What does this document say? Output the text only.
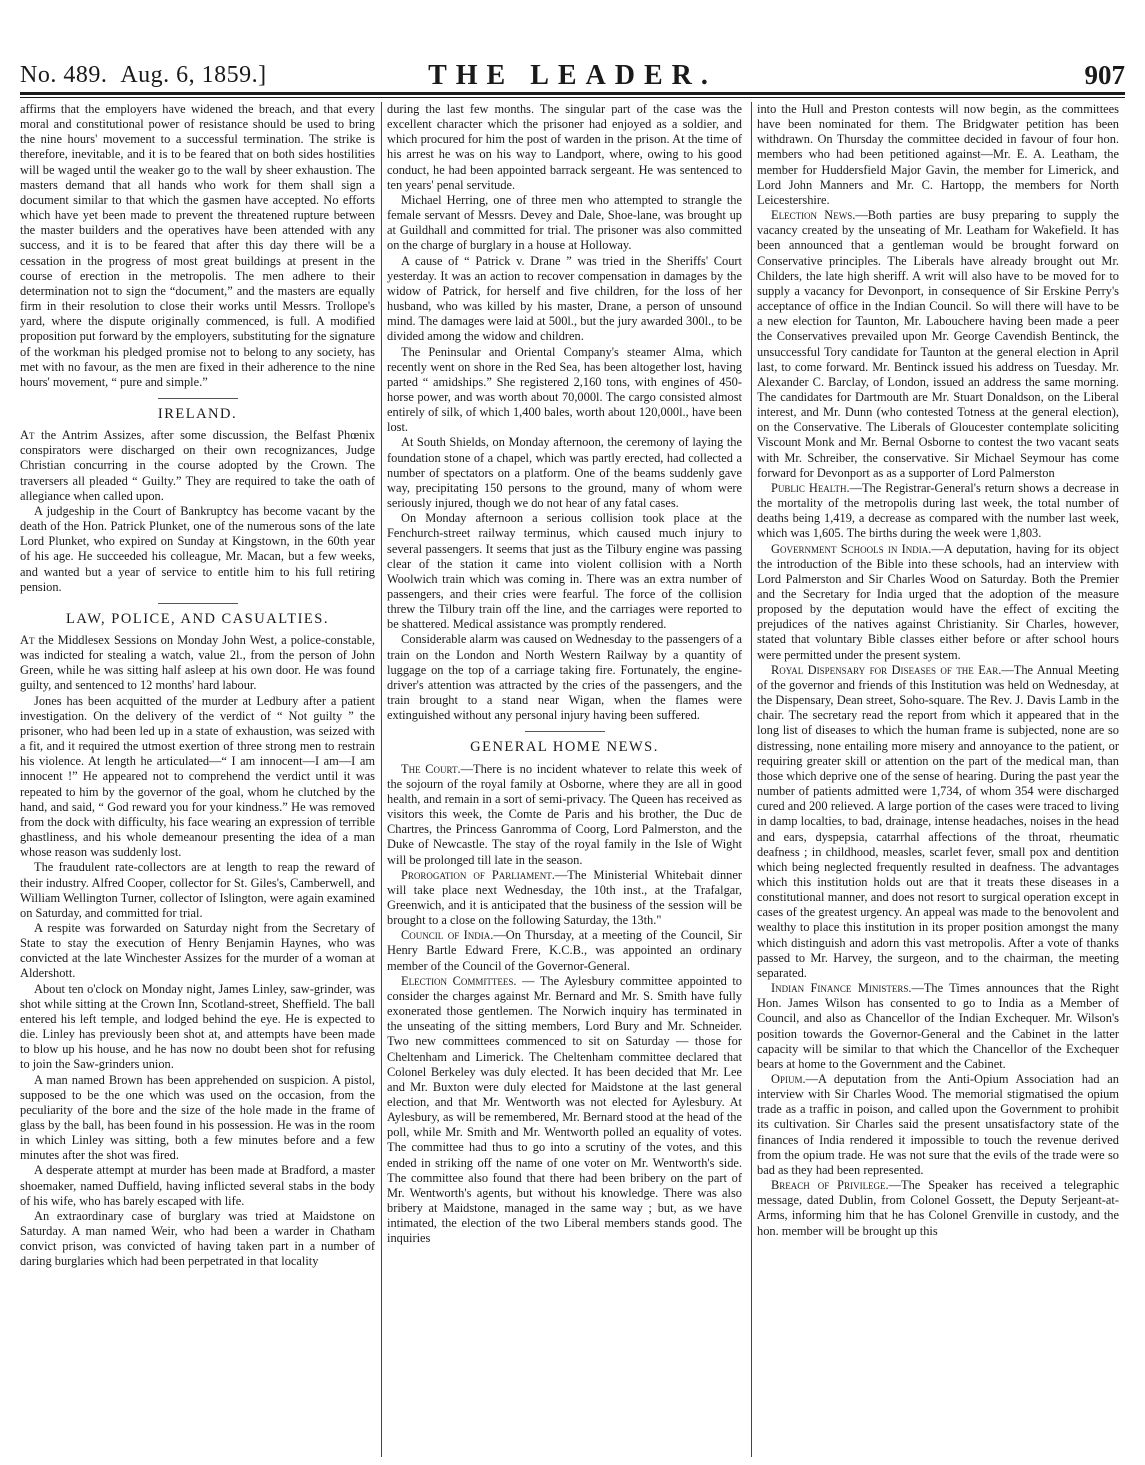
No. 489. Aug. 6, 1859.]	THE LEADER.	907

affirms that the employers have widened the breach, and that every moral and constitutional power of resistance should be used to bring the nine hours' movement to a successful termination. The strike is therefore, inevitable, and it is to be feared that on both sides hostilities will be waged until the weaker go to the wall by sheer exhaustion. The masters demand that all hands who work for them shall sign a document similar to that which the gasmen have accepted. No efforts which have yet been made to prevent the threatened rupture between the master builders and the operatives have been attended with any success, and it is to be feared that after this day there will be a cessation in the progress of most great buildings at present in the course of erection in the metropolis. The men adhere to their determination not to sign the “document,” and the masters are equally firm in their resolution to close their works until Messrs. Trollope's yard, where the dispute originally commenced, is full. A modified proposition put forward by the employers, substituting for the signature of the workman his pledged promise not to belong to any society, has met with no favour, as the men are fixed in their adherence to the nine hours' movement, “ pure and simple.”

IRELAND.

At the Antrim Assizes, after some discussion, the Belfast Phœnix conspirators were discharged on their own recognizances, Judge Christian concurring in the course adopted by the Crown. The traversers all pleaded “ Guilty.” They are required to take the oath of allegiance when called upon.

A judgeship in the Court of Bankruptcy has become vacant by the death of the Hon. Patrick Plunket, one of the numerous sons of the late Lord Plunket, who expired on Sunday at Kingstown, in the 60th year of his age. He succeeded his colleague, Mr. Macan, but a few weeks, and wanted but a year of service to entitle him to his full retiring pension.

LAW, POLICE, AND CASUALTIES.

At the Middlesex Sessions on Monday John West, a police-constable, was indicted for stealing a watch, value 2l., from the person of John Green, while he was sitting half asleep at his own door. He was found guilty, and sentenced to 12 months' hard labour.

Jones has been acquitted of the murder at Ledbury after a patient investigation. On the delivery of the verdict of “ Not guilty ” the prisoner, who had been led up in a state of exhaustion, was seized with a fit, and it required the utmost exertion of three strong men to restrain his violence. At length he articulated—“ I am innocent—I am—I am innocent !” He appeared not to comprehend the verdict until it was repeated to him by the governor of the goal, whom he clutched by the hand, and said, “ God reward you for your kindness.” He was removed from the dock with difficulty, his face wearing an expression of terrible ghastliness, and his whole demeanour presenting the idea of a man whose reason was suddenly lost.

The fraudulent rate-collectors are at length to reap the reward of their industry. Alfred Cooper, collector for St. Giles's, Camberwell, and William Wellington Turner, collector of Islington, were again examined on Saturday, and committed for trial.

A respite was forwarded on Saturday night from the Secretary of State to stay the execution of Henry Benjamin Haynes, who was convicted at the late Winchester Assizes for the murder of a woman at Aldershott.

About ten o'clock on Monday night, James Linley, saw-grinder, was shot while sitting at the Crown Inn, Scotland-street, Sheffield. The ball entered his left temple, and lodged behind the eye. He is expected to die. Linley has previously been shot at, and attempts have been made to blow up his house, and he has now no doubt been shot for refusing to join the Saw-grinders union.

A man named Brown has been apprehended on suspicion. A pistol, supposed to be the one which was used on the occasion, from the peculiarity of the bore and the size of the hole made in the frame of glass by the ball, has been found in his possession. He was in the room in which Linley was sitting, both a few minutes before and a few minutes after the shot was fired.

A desperate attempt at murder has been made at Bradford, a master shoemaker, named Duffield, having inflicted several stabs in the body of his wife, who has barely escaped with life.

An extraordinary case of burglary was tried at Maidstone on Saturday. A man named Weir, who had been a warder in Chatham convict prison, was convicted of having taken part in a number of daring burglaries which had been perpetrated in that locality

during the last few months. The singular part of the case was the excellent character which the prisoner had enjoyed as a soldier, and which procured for him the post of warden in the prison. At the time of his arrest he was on his way to Landport, where, owing to his good conduct, he had been appointed barrack sergeant. He was sentenced to ten years' penal servitude.

Michael Herring, one of three men who attempted to strangle the female servant of Messrs. Devey and Dale, Shoe-lane, was brought up at Guildhall and committed for trial. The prisoner was also committed on the charge of burglary in a house at Holloway.

A cause of “ Patrick v. Drane ” was tried in the Sheriffs' Court yesterday. It was an action to recover compensation in damages by the widow of Patrick, for herself and five children, for the loss of her husband, who was killed by his master, Drane, a person of unsound mind. The damages were laid at 500l., but the jury awarded 300l., to be divided among the widow and children.

The Peninsular and Oriental Company's steamer Alma, which recently went on shore in the Red Sea, has been altogether lost, having parted “ amidships.” She registered 2,160 tons, with engines of 450-horse power, and was worth about 70,000l. The cargo consisted almost entirely of silk, of which 1,400 bales, worth about 120,000l., have been lost.

At South Shields, on Monday afternoon, the ceremony of laying the foundation stone of a chapel, which was partly erected, had collected a number of spectators on a platform. One of the beams suddenly gave way, precipitating 150 persons to the ground, many of whom were seriously injured, though we do not hear of any fatal cases.

On Monday afternoon a serious collision took place at the Fenchurch-street railway terminus, which caused much injury to several passengers. It seems that just as the Tilbury engine was passing clear of the station it came into violent collision with a North Woolwich train which was coming in. There was an extra number of passengers, and their cries were fearful. The force of the collision threw the Tilbury train off the line, and the carriages were reported to be shattered. Medical assistance was promptly rendered.

Considerable alarm was caused on Wednesday to the passengers of a train on the London and North Western Railway by a quantity of luggage on the top of a carriage taking fire. Fortunately, the engine-driver's attention was attracted by the cries of the passengers, and the train brought to a stand near Wigan, when the flames were extinguished without any personal injury having been suffered.

GENERAL HOME NEWS.

The Court.—There is no incident whatever to relate this week of the sojourn of the royal family at Osborne, where they are all in good health, and remain in a sort of semi-privacy. The Queen has received as visitors this week, the Comte de Paris and his brother, the Duc de Chartres, the Princess Ganromma of Coorg, Lord Palmerston, and the Duke of Newcastle. The stay of the royal family in the Isle of Wight will be prolonged till late in the season.

Prorogation of Parliament.—The Ministerial Whitebait dinner will take place next Wednesday, the 10th inst., at the Trafalgar, Greenwich, and it is anticipated that the business of the session will be brought to a close on the following Saturday, the 13th."

Council of India.—On Thursday, at a meeting of the Council, Sir Henry Bartle Edward Frere, K.C.B., was appointed an ordinary member of the Council of the Governor-General.

Election Committees. — The Aylesbury committee appointed to consider the charges against Mr. Bernard and Mr. S. Smith have fully exonerated those gentlemen. The Norwich inquiry has terminated in the unseating of the sitting members, Lord Bury and Mr. Schneider. Two new committees commenced to sit on Saturday — those for Cheltenham and Limerick. The Cheltenham committee declared that Colonel Berkeley was duly elected. It has been decided that Mr. Lee and Mr. Buxton were duly elected for Maidstone at the last general election, and that Mr. Wentworth was not elected for Aylesbury. At Aylesbury, as will be remembered, Mr. Bernard stood at the head of the poll, while Mr. Smith and Mr. Wentworth polled an equality of votes. The committee had thus to go into a scrutiny of the votes, and this ended in striking off the name of one voter on Mr. Wentworth's side. The committee also found that there had been bribery on the part of Mr. Wentworth's agents, but without his knowledge. There was also bribery at Maidstone, managed in the same way ; but, as we have intimated, the election of the two Liberal members stands good. The inquiries

into the Hull and Preston contests will now begin, as the committees have been nominated for them. The Bridgwater petition has been withdrawn. On Thursday the committee decided in favour of four hon. members who had been petitioned against—Mr. E. A. Leatham, the member for Huddersfield Major Gavin, the member for Limerick, and Lord John Manners and Mr. C. Hartopp, the members for North Leicestershire.

Election News.—Both parties are busy preparing to supply the vacancy created by the unseating of Mr. Leatham for Wakefield. It has been announced that a gentleman would be brought forward on Conservative principles. The Liberals have already brought out Mr. Childers, the late high sheriff. A writ will also have to be moved for to supply a vacancy for Devonport, in consequence of Sir Erskine Perry's acceptance of office in the Indian Council. So will there will have to be a new election for Taunton, Mr. Labouchere having been made a peer the Conservatives prevailed upon Mr. George Cavendish Bentinck, the unsuccessful Tory candidate for Taunton at the general election in April last, to come forward. Mr. Bentinck issued his address on Tuesday. Mr. Alexander C. Barclay, of London, issued an address the same morning. The candidates for Dartmouth are Mr. Stuart Donaldson, on the Liberal interest, and Mr. Dunn (who contested Totness at the general election), on the Conservative. The Liberals of Gloucester contemplate soliciting Viscount Monk and Mr. Bernal Osborne to contest the two vacant seats with Mr. Schreiber, the conservative. Sir Michael Seymour has come forward for Devonport as as a supporter of Lord Palmerston

Public Health.—The Registrar-General's return shows a decrease in the mortality of the metropolis during last week, the total number of deaths being 1,419, a decrease as compared with the number last week, which was 1,605. The births during the week were 1,803.

Government Schools in India.—A deputation, having for its object the introduction of the Bible into these schools, had an interview with Lord Palmerston and Sir Charles Wood on Saturday. Both the Premier and the Secretary for India urged that the adoption of the measure proposed by the deputation would have the effect of exciting the prejudices of the natives against Christianity. Sir Charles, however, stated that voluntary Bible classes either before or after school hours were permitted under the present system.

Royal Dispensary for Diseases of the Ear.—The Annual Meeting of the governor and friends of this Institution was held on Wednesday, at the Dispensary, Dean street, Soho-square. The Rev. J. Davis Lamb in the chair. The secretary read the report from which it appeared that in the long list of diseases to which the human frame is subjected, none are so distressing, none entailing more misery and annoyance to the patient, or requiring greater skill or attention on the part of the medical man, than those which deprive one of the sense of hearing. During the past year the number of patients admitted were 1,734, of whom 354 were discharged cured and 200 relieved. A large portion of the cases were traced to living in damp localties, to bad, drainage, intense headaches, noises in the head and ears, dyspepsia, catarrhal affections of the throat, rheumatic deafness ; in childhood, measles, scarlet fever, small pox and dentition which being neglected frequently resulted in deafness. The advantages which this institution holds out are that it treats these diseases in a constitutional manner, and does not resort to surgical operation except in cases of the greatest urgency. An appeal was made to the benovolent and wealthy to place this institution in its proper position amongst the many which distinguish and adorn this vast metropolis. After a vote of thanks passed to Mr. Harvey, the surgeon, and to the chairman, the meeting separated.

Indian Finance Ministers.—The Times announces that the Right Hon. James Wilson has consented to go to India as a Member of Council, and also as Chancellor of the Indian Exchequer. Mr. Wilson's position towards the Governor-General and the Cabinet in the latter capacity will be similar to that which the Chancellor of the Exchequer bears at home to the Government and the Cabinet.

Opium.—A deputation from the Anti-Opium Association had an interview with Sir Charles Wood. The memorial stigmatised the opium trade as a traffic in poison, and called upon the Government to prohibit its cultivation. Sir Charles said the present unsatisfactory state of the finances of India rendered it impossible to touch the revenue derived from the opium trade. He was not sure that the evils of the trade were so bad as they had been represented.

Breach of Privilege.—The Speaker has received a telegraphic message, dated Dublin, from Colonel Gossett, the Deputy Serjeant-at-Arms, informing him that he has Colonel Grenville in custody, and the hon. member will be brought up this
